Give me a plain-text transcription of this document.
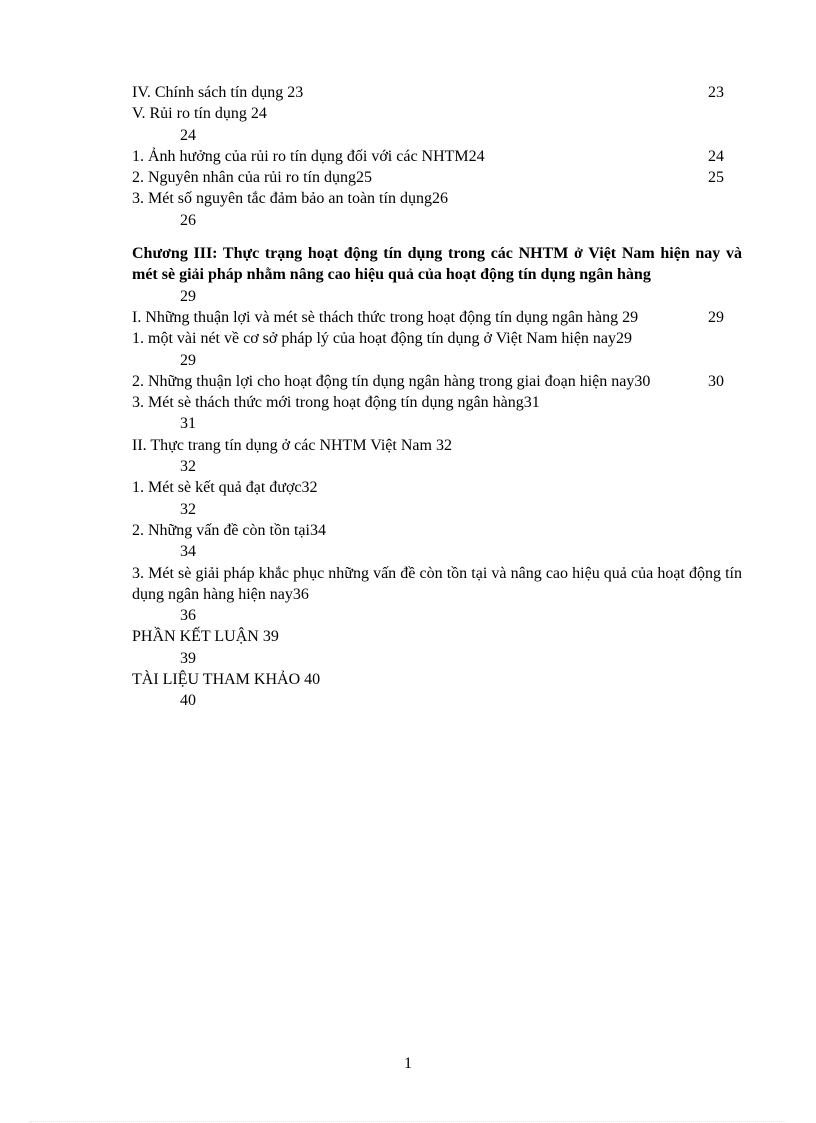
IV. Chính sách tín dụng 23	23
V. Rủi ro tín dụng 24
24
1. Ảnh hưởng của rủi ro tín dụng đối với các NHTM24	24
2. Nguyên nhân của rủi ro tín dụng25	25
3. Mét số nguyên tắc đảm bảo an toàn tín dụng26
26
Chương III: Thực trạng hoạt động tín dụng trong các NHTM ở Việt Nam hiện nay và mét sè giải pháp nhằm nâng cao hiệu quả của hoạt động tín dụng ngân hàng
29
I. Những thuận lợi và mét sè thách thức trong hoạt động tín dụng ngân hàng 29	29
1. một vài nét về cơ sở pháp lý của hoạt động tín dụng ở Việt Nam hiện nay29
29
2. Những thuận lợi cho hoạt động tín dụng ngân hàng trong giai đoạn hiện nay30	30
3. Mét sè thách thức mới trong hoạt động tín dụng ngân hàng31
31
II. Thực trang tín dụng ở các NHTM Việt Nam 32
32
1. Mét sè kết quả đạt được32
32
2. Những vấn đề còn tồn tại34
34
3. Mét sè giải pháp khắc phục những vấn đề còn tồn tại và nâng cao hiệu quả của hoạt động tín dụng ngân hàng hiện nay36
36
PHẦN KẾT LUẬN 39
39
TÀI LIỆU THAM KHẢO 40
40
1
